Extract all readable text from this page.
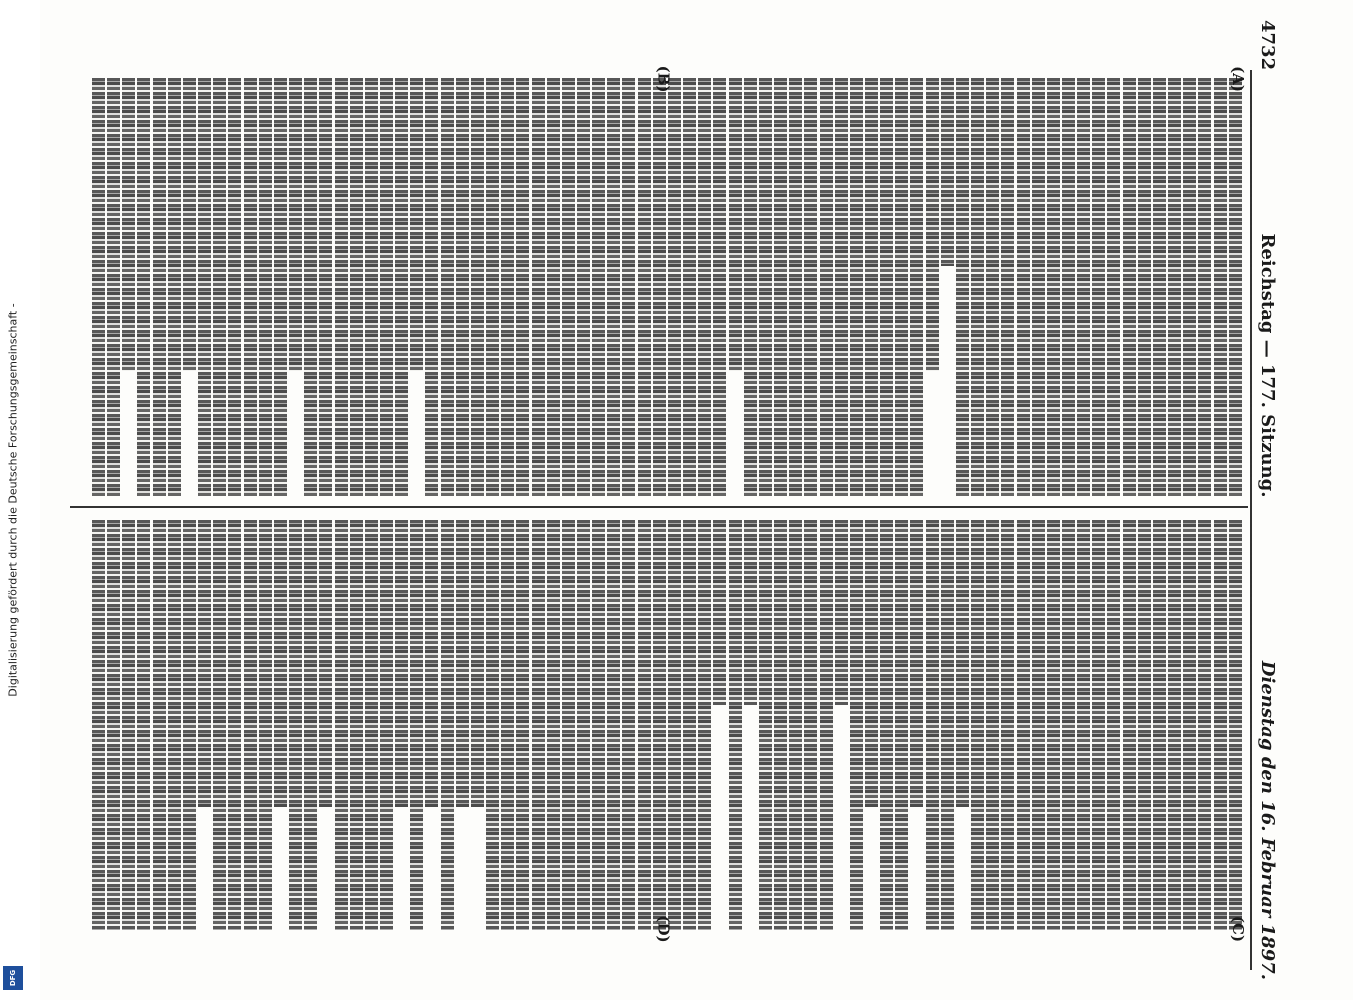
Digitalisierung gefördert durch die Deutsche Forschungsgemeinschaft -
DFG
4732
Reichstag — 177. Sitzung.
Dienstag den 16. Februar 1897.
(A)
(B)
(C)
(D)
